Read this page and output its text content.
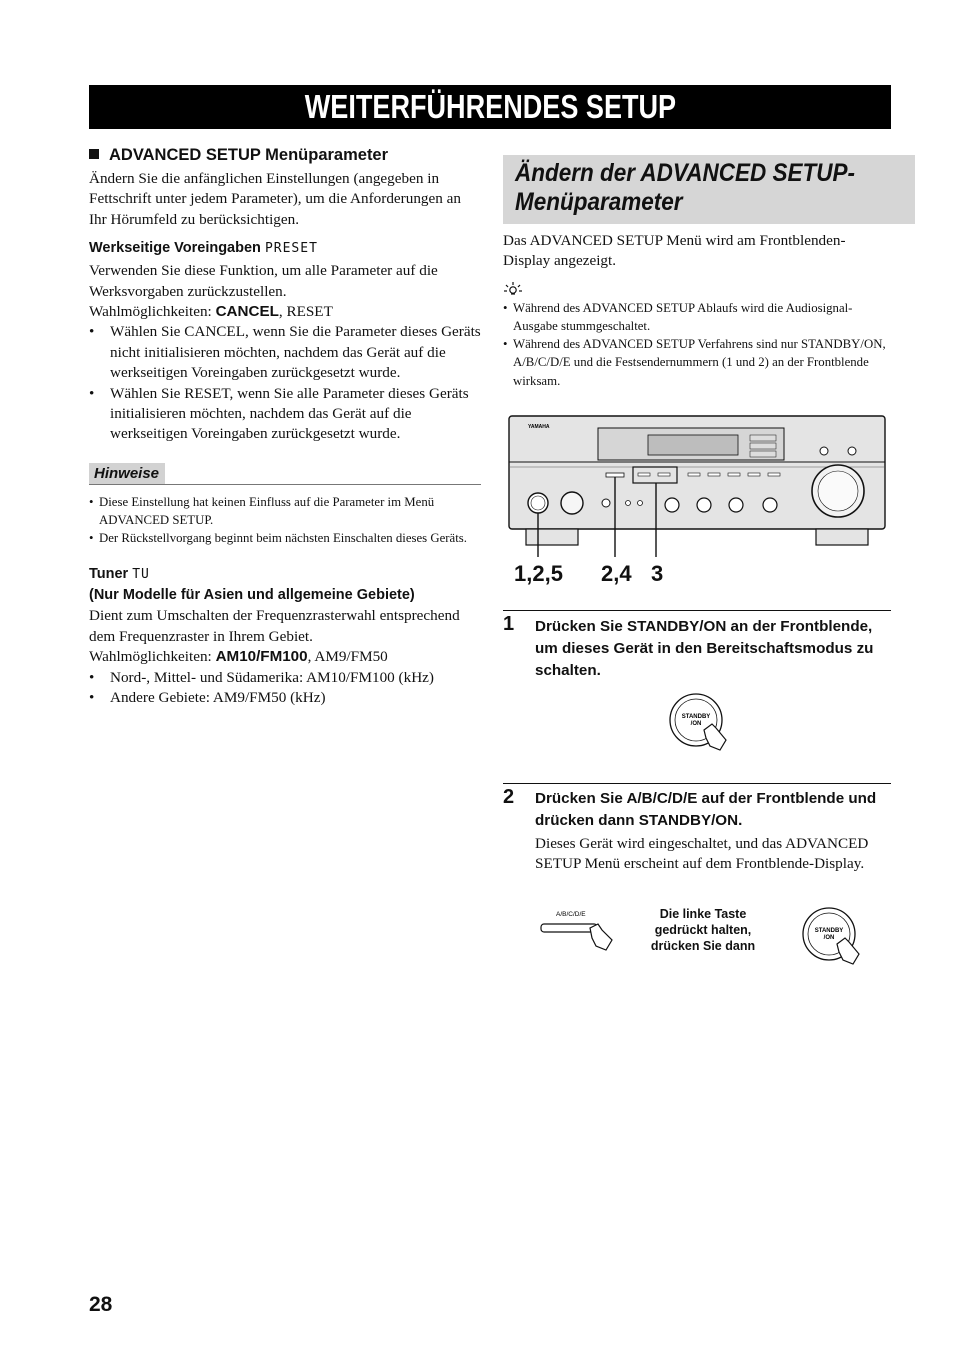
WEITERFÜHRENDES SETUP
ADVANCED SETUP Menüparameter

Ändern Sie die anfänglichen Einstellungen (angegeben in Fettschrift unter jedem Parameter), um die Anforderungen an Ihr Hörumfeld zu berücksichtigen.

Werkseitige Voreingaben PRESET

Verwenden Sie diese Funktion, um alle Parameter auf die Werksvorgaben zurückzustellen.

Wahlmöglichkeiten: CANCEL, RESET

• Wählen Sie CANCEL, wenn Sie die Parameter dieses Geräts nicht initialisieren möchten, nachdem das Gerät auf die werkseitigen Voreingaben zurückgesetzt wurde.
• Wählen Sie RESET, wenn Sie alle Parameter dieses Geräts initialisieren möchten, nachdem das Gerät auf die werkseitigen Voreingaben zurückgesetzt wurde.
Hinweise
• Diese Einstellung hat keinen Einfluss auf die Parameter im Menü ADVANCED SETUP.
• Der Rückstellvorgang beginnt beim nächsten Einschalten dieses Geräts.
Tuner TU
(Nur Modelle für Asien und allgemeine Gebiete)

Dient zum Umschalten der Frequenzrasterwahl entsprechend dem Frequenzraster in Ihrem Gebiet.

Wahlmöglichkeiten: AM10/FM100, AM9/FM50

• Nord-, Mittel- und Südamerika: AM10/FM100 (kHz)
• Andere Gebiete: AM9/FM50 (kHz)
Ändern der ADVANCED SETUP-
Menüparameter

Das ADVANCED SETUP Menü wird am Frontblenden-Display angezeigt.

• Während des ADVANCED SETUP Ablaufs wird die Audiosignal-Ausgabe stummgeschaltet.
• Während des ADVANCED SETUP Verfahrens sind nur STANDBY/ON, A/B/C/D/E und die Festsendernummern (1 und 2) an der Frontblende wirksam.
YAMAHA
1,2,5 2,4 3
1 Drücken Sie STANDBY/ON an der Frontblende, um dieses Gerät in den Bereitschaftsmodus zu schalten.
STANDBY
/ON
2 Drücken Sie A/B/C/D/E auf der Frontblende und drücken dann STANDBY/ON.

Dieses Gerät wird eingeschaltet, und das ADVANCED SETUP Menü erscheint auf dem Frontblende-Display.

A/B/C/D/E	Die linke Taste
gedrückt halten,
drücken Sie dann
STANDBY
/ON
28
